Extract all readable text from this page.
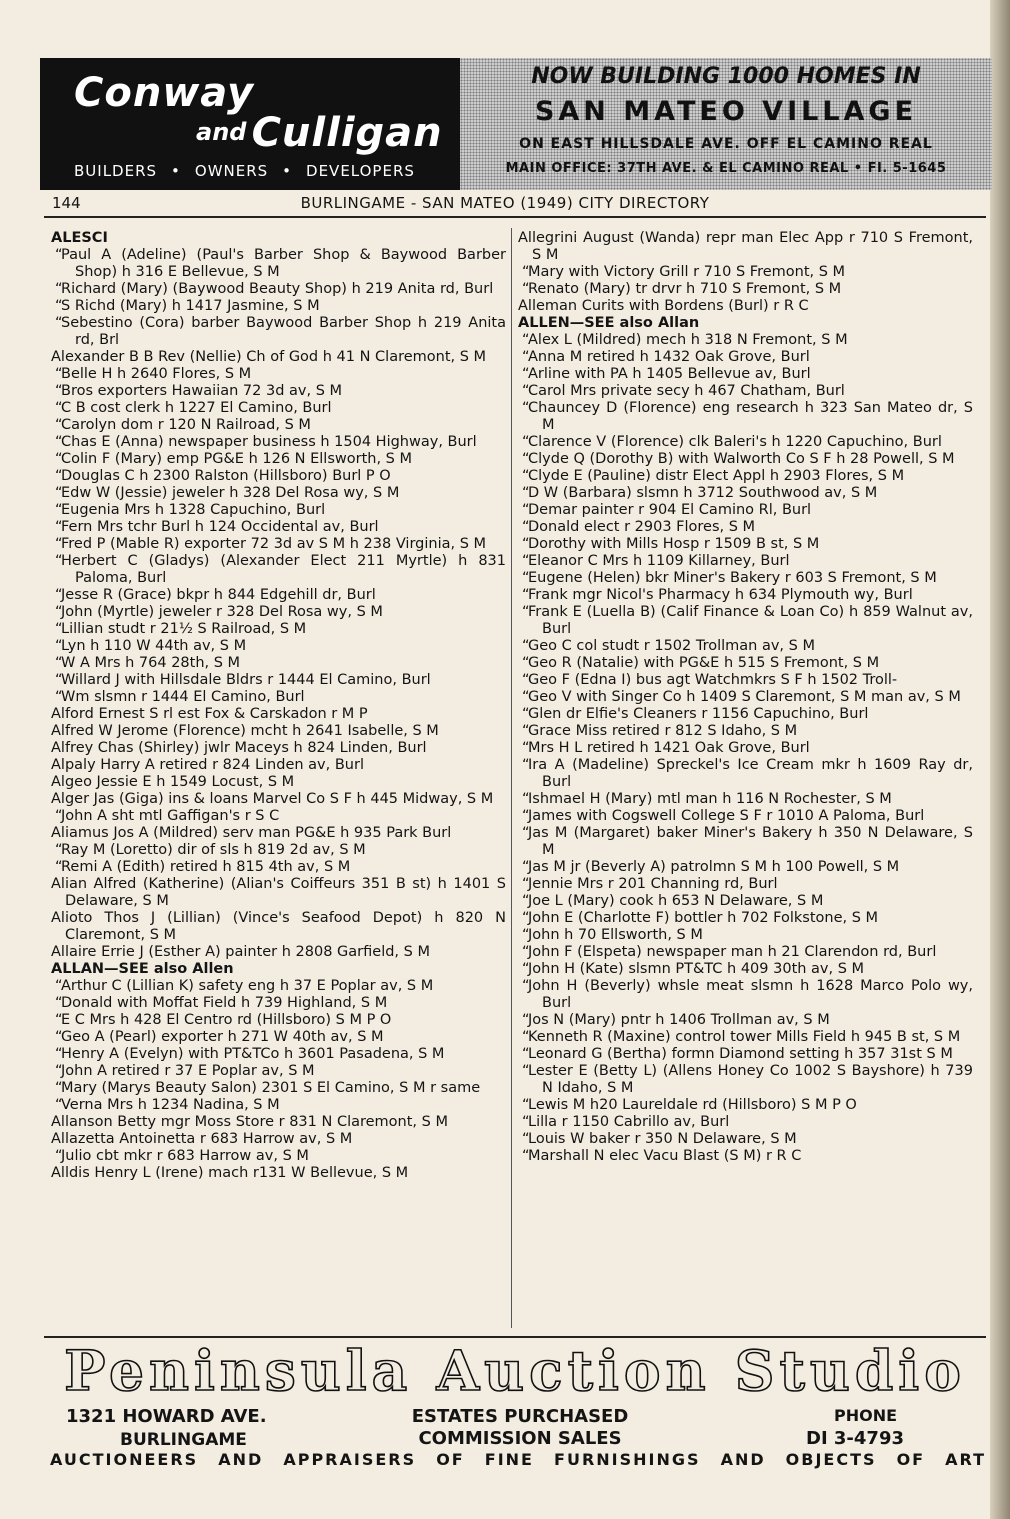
Conway
and Culligan
BUILDERS • OWNERS • DEVELOPERS
NOW BUILDING 1000 HOMES IN
SAN MATEO VILLAGE
ON EAST HILLSDALE AVE. OFF EL CAMINO REAL
MAIN OFFICE: 37TH AVE. & EL CAMINO REAL • FI. 5-1645
144	BURLINGAME - SAN MATEO (1949) CITY DIRECTORY
ALESCI
“ Paul A (Adeline) (Paul's Barber Shop & Baywood Barber Shop) h 316 E Bellevue, S M
“ Richard (Mary) (Baywood Beauty Shop) h 219 Anita rd, Burl
“ S Richd (Mary) h 1417 Jasmine, S M
“ Sebestino (Cora) barber Baywood Barber Shop h 219 Anita rd, Brl
Alexander B B Rev (Nellie) Ch of God h 41 N Claremont, S M
“ Belle H h 2640 Flores, S M
“ Bros exporters Hawaiian 72 3d av, S M
“ C B cost clerk h 1227 El Camino, Burl
“ Carolyn dom r 120 N Railroad, S M
“ Chas E (Anna) newspaper business h 1504 Highway, Burl
“ Colin F (Mary) emp PG&E h 126 N Ellsworth, S M
“ Douglas C h 2300 Ralston (Hillsboro) Burl P O
“ Edw W (Jessie) jeweler h 328 Del Rosa wy, S M
“ Eugenia Mrs h 1328 Capuchino, Burl
“ Fern Mrs tchr Burl h 124 Occidental av, Burl
“ Fred P (Mable R) exporter 72 3d av S M h 238 Virginia, S M
“ Herbert C (Gladys) (Alexander Elect 211 Myrtle) h 831 Paloma, Burl
“ Jesse R (Grace) bkpr h 844 Edgehill dr, Burl
“ John (Myrtle) jeweler r 328 Del Rosa wy, S M
“ Lillian studt r 21½ S Railroad, S M
“ Lyn h 110 W 44th av, S M
“ W A Mrs h 764 28th, S M
“ Willard J with Hillsdale Bldrs r 1444 El Camino, Burl
“ Wm slsmn r 1444 El Camino, Burl
Alford Ernest S rl est Fox & Carskadon r M P
Alfred W Jerome (Florence) mcht h 2641 Isabelle, S M
Alfrey Chas (Shirley) jwlr Maceys h 824 Linden, Burl
Alpaly Harry A retired r 824 Linden av, Burl
Algeo Jessie E h 1549 Locust, S M
Alger Jas (Giga) ins & loans Marvel Co S F h 445 Midway, S M
“ John A sht mtl Gaffigan's r S C
Aliamus Jos A (Mildred) serv man PG&E h 935 Park Burl
“ Ray M (Loretto) dir of sls h 819 2d av, S M
“ Remi A (Edith) retired h 815 4th av, S M
Alian Alfred (Katherine) (Alian's Coiffeurs 351 B st) h 1401 S Delaware, S M
Alioto Thos J (Lillian) (Vince's Seafood Depot) h 820 N Claremont, S M
Allaire Errie J (Esther A) painter h 2808 Garfield, S M
ALLAN—SEE also Allen
“ Arthur C (Lillian K) safety eng h 37 E Poplar av, S M
“ Donald with Moffat Field h 739 Highland, S M
“ E C Mrs h 428 El Centro rd (Hillsboro) S M P O
“ Geo A (Pearl) exporter h 271 W 40th av, S M
“ Henry A (Evelyn) with PT&TCo h 3601 Pasadena, S M
“ John A retired r 37 E Poplar av, S M
“ Mary (Marys Beauty Salon) 2301 S El Camino, S M r same
“ Verna Mrs h 1234 Nadina, S M
Allanson Betty mgr Moss Store r 831 N Claremont, S M
Allazetta Antoinetta r 683 Harrow av, S M
“ Julio cbt mkr r 683 Harrow av, S M
Alldis Henry L (Irene) mach r131 W Bellevue, S M
Allegrini August (Wanda) repr man Elec App r 710 S Fremont, S M
“ Mary with Victory Grill r 710 S Fremont, S M
“ Renato (Mary) tr drvr h 710 S Fremont, S M
Alleman Curits with Bordens (Burl) r R C
ALLEN—SEE also Allan
“ Alex L (Mildred) mech h 318 N Fremont, S M
“ Anna M retired h 1432 Oak Grove, Burl
“ Arline with PA h 1405 Bellevue av, Burl
“ Carol Mrs private secy h 467 Chatham, Burl
“ Chauncey D (Florence) eng research h 323 San Mateo dr, S M
“ Clarence V (Florence) clk Baleri's h 1220 Capuchino, Burl
“ Clyde Q (Dorothy B) with Walworth Co S F h 28 Powell, S M
“ Clyde E (Pauline) distr Elect Appl h 2903 Flores, S M
“ D W (Barbara) slsmn h 3712 Southwood av, S M
“ Demar painter r 904 El Camino Rl, Burl
“ Donald elect r 2903 Flores, S M
“ Dorothy with Mills Hosp r 1509 B st, S M
“ Eleanor C Mrs h 1109 Killarney, Burl
“ Eugene (Helen) bkr Miner's Bakery r 603 S Fremont, S M
“ Frank mgr Nicol's Pharmacy h 634 Plymouth wy, Burl
“ Frank E (Luella B) (Calif Finance & Loan Co) h 859 Walnut av, Burl
“ Geo C col studt r 1502 Trollman av, S M
“ Geo R (Natalie) with PG&E h 515 S Fremont, S M
“ Geo F (Edna I) bus agt Watchmkrs S F h 1502 Troll-
“ Geo V with Singer Co h 1409 S Claremont, S M man av, S M
“ Glen dr Elfie's Cleaners r 1156 Capuchino, Burl
“ Grace Miss retired r 812 S Idaho, S M
“ Mrs H L retired h 1421 Oak Grove, Burl
“ Ira A (Madeline) Spreckel's Ice Cream mkr h 1609 Ray dr, Burl
“ Ishmael H (Mary) mtl man h 116 N Rochester, S M
“ James with Cogswell College S F r 1010 A Paloma, Burl
“ Jas M (Margaret) baker Miner's Bakery h 350 N Delaware, S M
“ Jas M jr (Beverly A) patrolmn S M h 100 Powell, S M
“ Jennie Mrs r 201 Channing rd, Burl
“ Joe L (Mary) cook h 653 N Delaware, S M
“ John E (Charlotte F) bottler h 702 Folkstone, S M
“ John h 70 Ellsworth, S M
“ John F (Elspeta) newspaper man h 21 Clarendon rd, Burl
“ John H (Kate) slsmn PT&TC h 409 30th av, S M
“ John H (Beverly) whsle meat slsmn h 1628 Marco Polo wy, Burl
“ Jos N (Mary) pntr h 1406 Trollman av, S M
“ Kenneth R (Maxine) control tower Mills Field h 945 B st, S M
“ Leonard G (Bertha) formn Diamond setting h 357 31st S M
“ Lester E (Betty L) (Allens Honey Co 1002 S Bayshore) h 739 N Idaho, S M
“ Lewis M h20 Laureldale rd (Hillsboro) S M P O
“ Lilla r 1150 Cabrillo av, Burl
“ Louis W baker r 350 N Delaware, S M
“ Marshall N elec Vacu Blast (S M) r R C
Peninsula Auction Studio
1321 HOWARD AVE.
BURLINGAME
ESTATES PURCHASED
COMMISSION SALES
PHONE
DI 3-4793
AUCTIONEERS AND APPRAISERS OF FINE FURNISHINGS AND OBJECTS OF ART
